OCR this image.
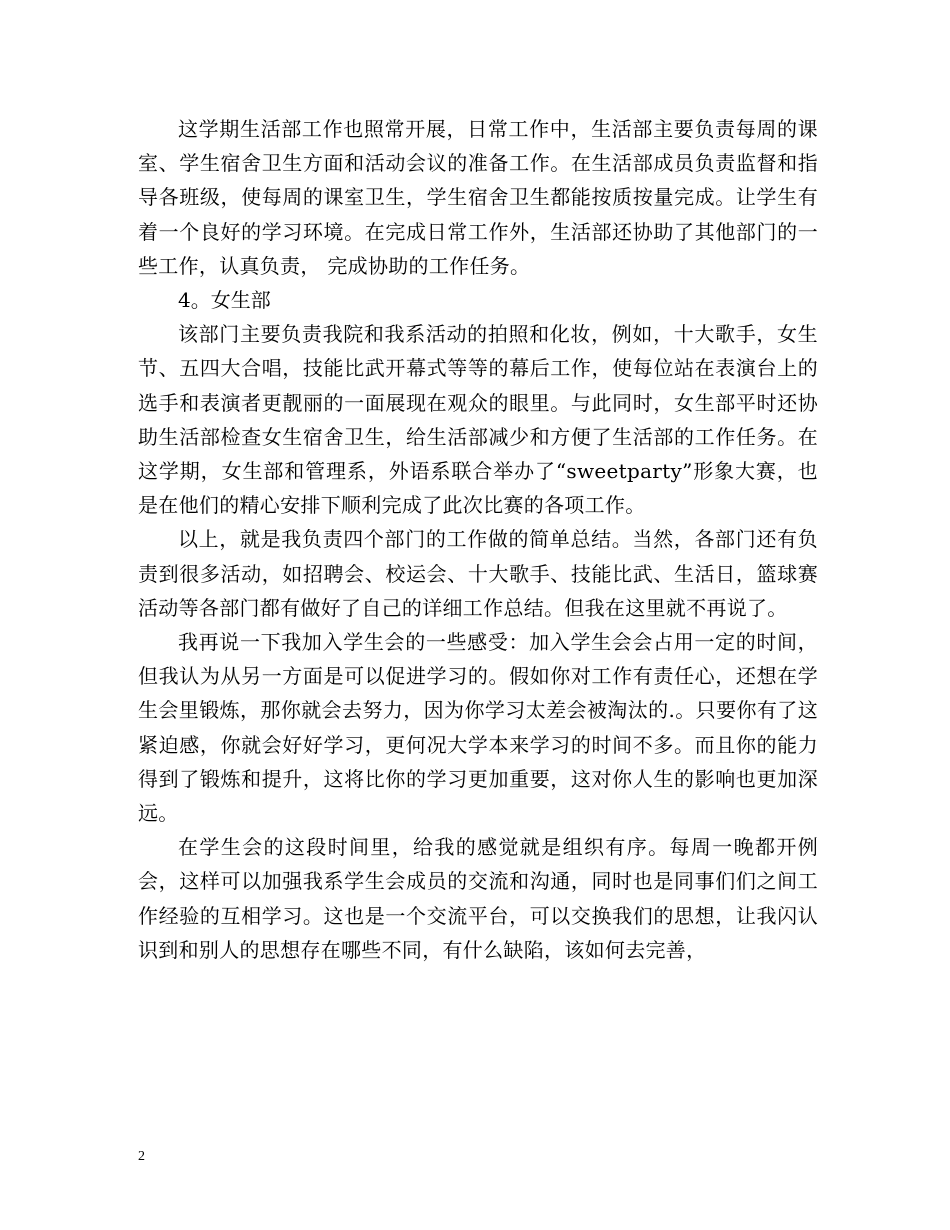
这学期生活部工作也照常开展，日常工作中，生活部主要负责每周的课室、学生宿舍卫生方面和活动会议的准备工作。在生活部成员负责监督和指导各班级，使每周的课室卫生，学生宿舍卫生都能按质按量完成。让学生有着一个良好的学习环境。在完成日常工作外，生活部还协助了其他部门的一些工作，认真负责， 完成协助的工作任务。

4。女生部

该部门主要负责我院和我系活动的拍照和化妆，例如，十大歌手，女生节、五四大合唱，技能比武开幕式等等的幕后工作，使每位站在表演台上的选手和表演者更靓丽的一面展现在观众的眼里。与此同时，女生部平时还协助生活部检查女生宿舍卫生，给生活部减少和方便了生活部的工作任务。在这学期，女生部和管理系，外语系联合举办了“sweetparty”形象大赛，也是在他们的精心安排下顺利完成了此次比赛的各项工作。

以上，就是我负责四个部门的工作做的简单总结。当然，各部门还有负责到很多活动，如招聘会、校运会、十大歌手、技能比武、生活日，篮球赛活动等各部门都有做好了自己的详细工作总结。但我在这里就不再说了。

我再说一下我加入学生会的一些感受：加入学生会会占用一定的时间，但我认为从另一方面是可以促进学习的。假如你对工作有责任心，还想在学生会里锻炼，那你就会去努力，因为你学习太差会被淘汰的.。只要你有了这紧迫感，你就会好好学习，更何况大学本来学习的时间不多。而且你的能力得到了锻炼和提升，这将比你的学习更加重要，这对你人生的影响也更加深远。

在学生会的这段时间里，给我的感觉就是组织有序。每周一晚都开例会，这样可以加强我系学生会成员的交流和沟通，同时也是同事们们之间工作经验的互相学习。这也是一个交流平台，可以交换我们的思想，让我闪认识到和别人的思想存在哪些不同，有什么缺陷，该如何去完善，

2
